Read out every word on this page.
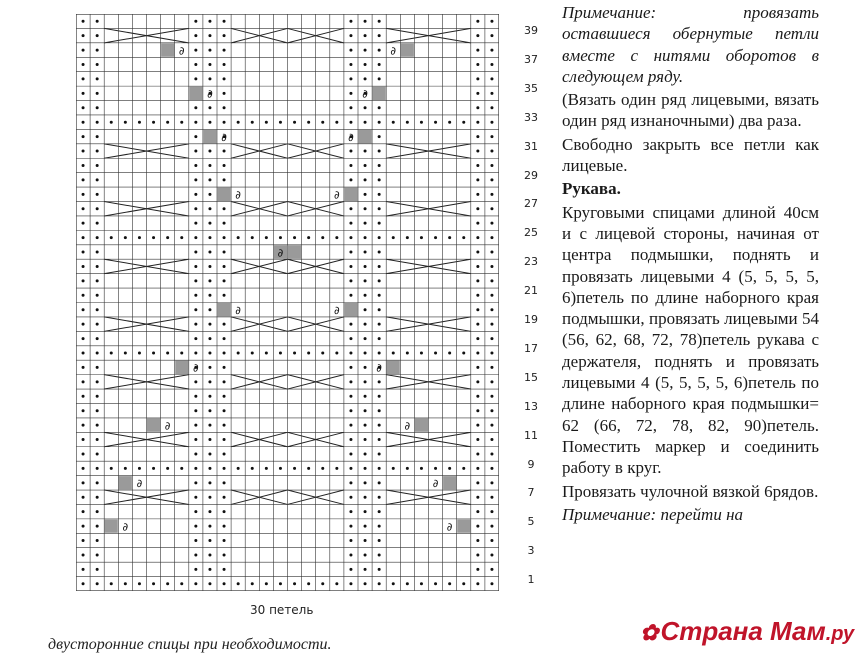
∂	∂
∂	∂
∂	∂
∂	∂
∂
∂	∂
∂	∂
∂	∂
∂	∂
∂	∂
39
37
35
33
31
29
27
25
23
21
19
17
15
13
11
9
7
5
3
1
30 петель
двусторонние спицы при необходимости.

Примечание: провязать оставшиеся обернутые петли вместе с нитями оборотов в следующем ряду.

(Вязать один ряд лицевыми, вязать один ряд изнаночными) два раза.

Свободно закрыть все петли как лицевые.

Рукава.

Круговыми спицами длиной 40см и с лицевой стороны, начиная от центра подмышки, поднять и провязать лицевыми 4 (5, 5, 5, 5, 6)петель по длине наборного края подмышки, провязать лицевыми 54 (56, 62, 68, 72, 78)петель рукава с держателя, поднять и провязать лицевыми 4 (5, 5, 5, 5, 6)петель по длине наборного края подмышки= 62 (66, 72, 78, 82, 90)петель. Поместить маркер и соединить работу в круг.

Провязать чулочной вязкой 6рядов.

Примечание: перейти на

✿Страна Мам.ру
